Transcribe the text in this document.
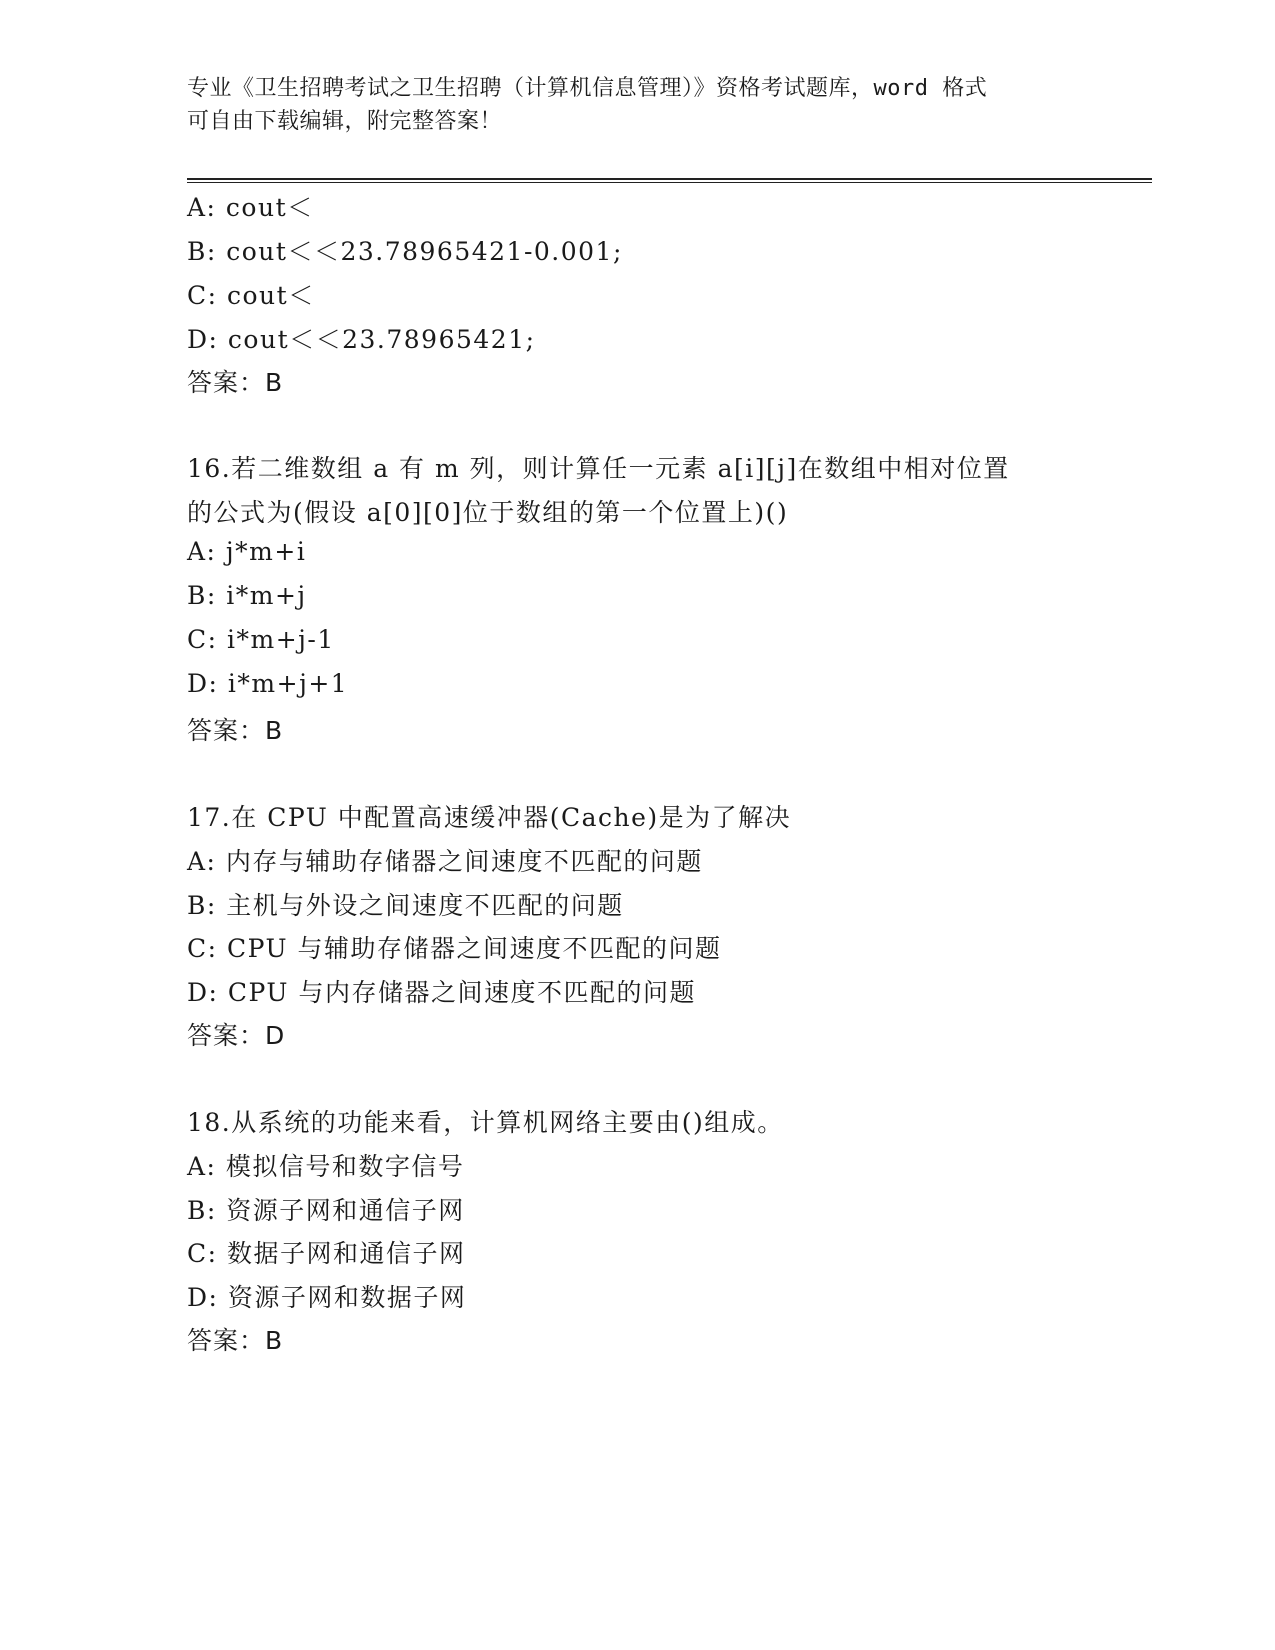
专业《卫生招聘考试之卫生招聘（计算机信息管理）》资格考试题库，word 格式
可自由下载编辑，附完整答案！
A: cout＜
B: cout＜＜23.78965421-0.001;
C: cout＜
D: cout＜＜23.78965421;
答案：B
16.若二维数组 a 有 m 列，则计算任一元素 a[i][j]在数组中相对位置
的公式为(假设 a[0][0]位于数组的第一个位置上)()
A: j*m+i
B: i*m+j
C: i*m+j-1
D: i*m+j+1
答案：B
17.在 CPU 中配置高速缓冲器(Cache)是为了解决
A: 内存与辅助存储器之间速度不匹配的问题
B: 主机与外设之间速度不匹配的问题
C: CPU 与辅助存储器之间速度不匹配的问题
D: CPU 与内存储器之间速度不匹配的问题
答案：D
18.从系统的功能来看，计算机网络主要由()组成。
A: 模拟信号和数字信号
B: 资源子网和通信子网
C: 数据子网和通信子网
D: 资源子网和数据子网
答案：B
